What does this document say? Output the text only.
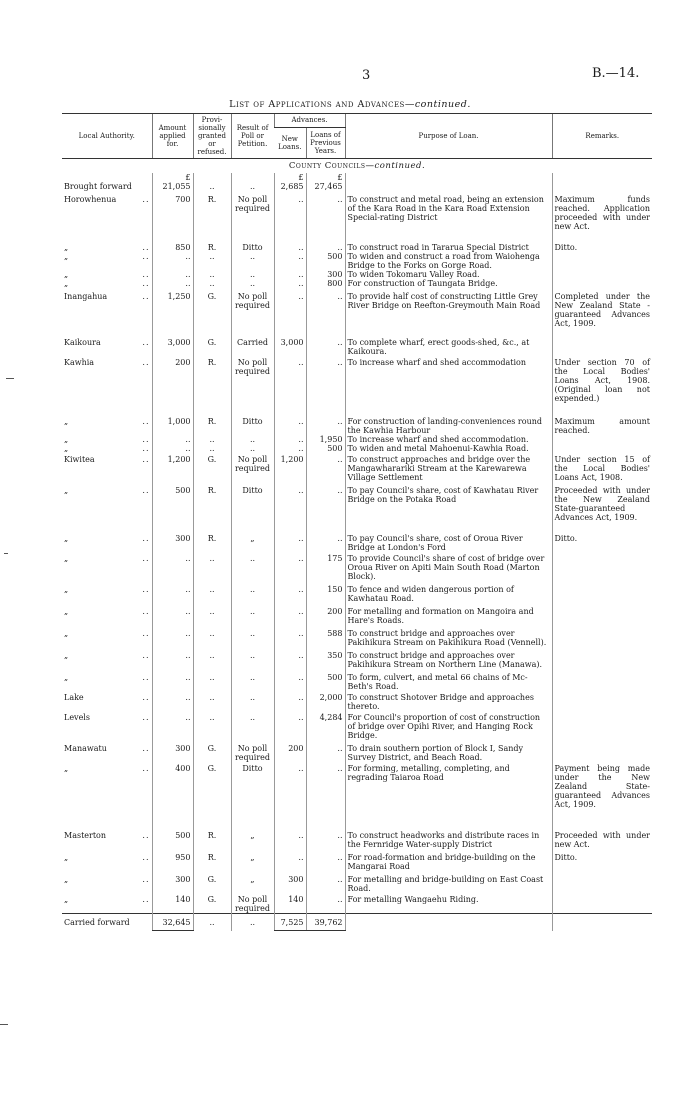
3	B.—14.
List of Applications and Advances—continued.
Local Authority.	Amount applied for.	Provi- sionally granted or refused.	Result of Poll or Petition.	Advances.		Purpose of Loan.	Remarks.
				New Loans.	Loans of Previous Years.		
County Councils—continued.							
	£			£	£		
Brought forward	21,055	..	..	2,685	27,465		
Horowhenua ..	700	R.	No poll required	..	..	To construct and metal road, being an extension of the Kara Road in the Kara Road Extension Special-rating District	Maximum funds reached. Application proceeded with under new Act.
„ ..	850	R.	Ditto	..	..	To construct road in Tararua Special District	Ditto.
„ ..	..	..	..	..	500	To widen and construct a road from Waiohenga Bridge to the Forks on Gorge Road.	
„ ..	..	..	..	..	300	To widen Tokomaru Valley Road.	
„ ..	..	..	..	..	800	For construction of Taungata Bridge.	
Inangahua ..	1,250	G.	No poll required	..	..	To provide half cost of constructing Little Grey River Bridge on Reefton-Greymouth Main Road	Completed under the New Zealand State - guaranteed Advances Act, 1909.
Kaikoura ..	3,000	G.	Carried	3,000	..	To complete wharf, erect goods-shed, &c., at Kaikoura.	
Kawhia ..	200	R.	No poll required	..	..	To increase wharf and shed accommodation	Under section 70 of the Local Bodies' Loans Act, 1908. (Original loan not expended.)
„ ..	1,000	R.	Ditto	..	..	For construction of landing-conveniences round the Kawhia Harbour	Maximum amount reached.
„ ..	..	..	..	..	1,950	To increase wharf and shed accommodation.	
„ ..	..	..	..	..	500	To widen and metal Mahoenui-Kawhia Road.	
Kiwitea ..	1,200	G.	No poll required	1,200	..	To construct approaches and bridge over the Mangawharariki Stream at the Karewarewa Village Settlement	Under section 15 of the Local Bodies' Loans Act, 1908.
„ ..	500	R.	Ditto	..	..	To pay Council's share, cost of Kawhatau River Bridge on the Potaka Road	Proceeded with under the New Zealand State-guaranteed Advances Act, 1909.
„ ..	300	R.	„	..	..	To pay Council's share, cost of Oroua River Bridge at London's Ford	Ditto.
„ ..	..	..	..	..	175	To provide Council's share of cost of bridge over Oroua River on Apiti Main South Road (Marton Block).	
„ ..	..	..	..	..	150	To fence and widen dangerous portion of Kawhatau Road.	
„ ..	..	..	..	..	200	For metalling and formation on Mangoira and Hare's Roads.	
„ ..	..	..	..	..	588	To construct bridge and approaches over Pakihikura Stream on Pakihikura Road (Vennell).	
„ ..	..	..	..	..	350	To construct bridge and approaches over Pakihikura Stream on Northern Line (Manawa).	
„ ..	..	..	..	..	500	To form, culvert, and metal 66 chains of Mc-Beth's Road.	
Lake ..	..	..	..	..	2,000	To construct Shotover Bridge and approaches thereto.	
Levels ..	..	..	..	..	4,284	For Council's proportion of cost of construction of bridge over Opihi River, and Hanging Rock Bridge.	
Manawatu ..	300	G.	No poll required	200	..	To drain southern portion of Block I, Sandy Survey District, and Beach Road.	
„ ..	400	G.	Ditto	..	..	For forming, metalling, completing, and regrading Taiaroa Road	Payment being made under the New Zealand State-guaranteed Advances Act, 1909.
Masterton ..	500	R.	„	..	..	To construct headworks and distribute races in the Fernridge Water-supply District	Proceeded with under new Act.
„ ..	950	R.	„	..	..	For road-formation and bridge-building on the Mangarai Road	Ditto.
„ ..	300	G.	„	300	..	For metalling and bridge-building on East Coast Road.	
„ ..	140	G.	No poll required	140	..	For metalling Wangaehu Riding.	
Carried forward	32,645	..	..	7,525	39,762		
